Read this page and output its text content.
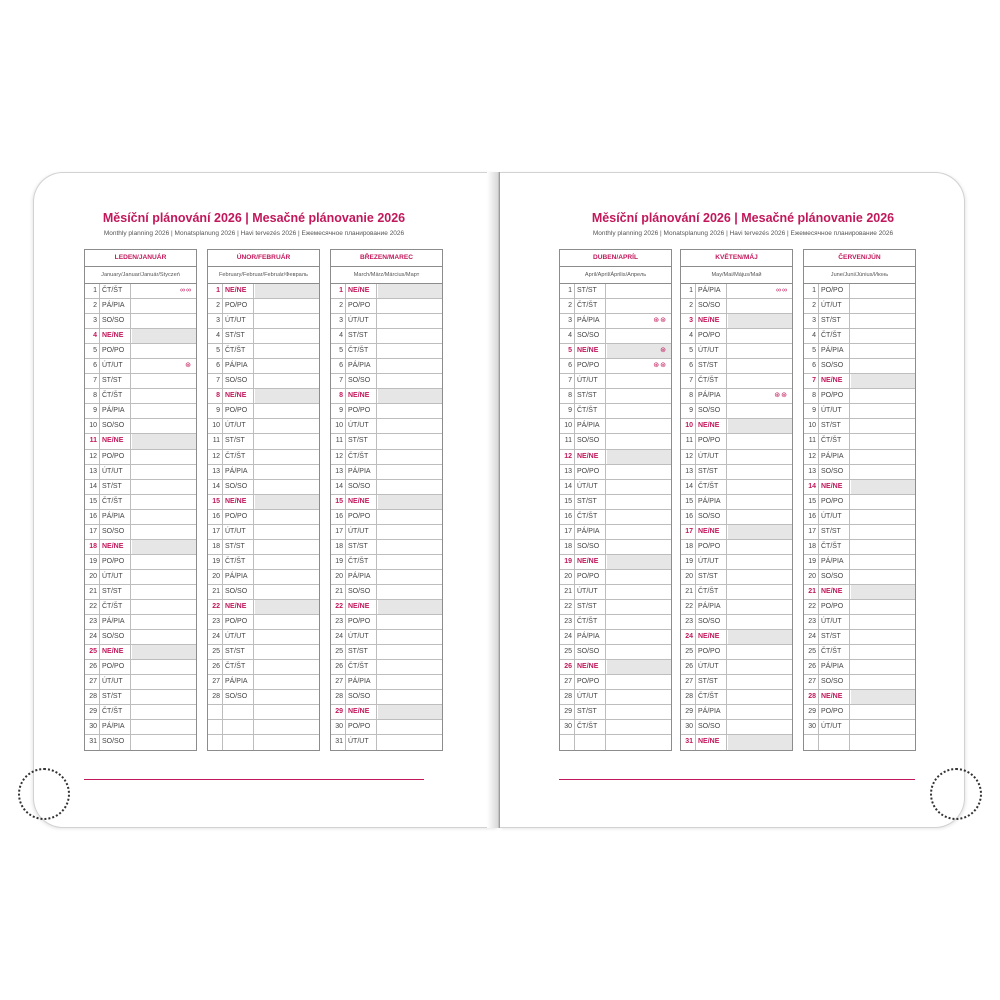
Měsíční plánování 2026 | Mesačné plánovanie 2026
Monthly planning 2026 | Monatsplanung 2026 | Havi tervezés 2026 | Ежемесячное планирование 2026
LEDEN/JANUÁR
January/Januar/Január/Styczeń
1 ČT/ŠT	∞∞
2 PÁ/PIA
3 SO/SO
4 NE/NE
5 PO/PO
6 ÚT/UT	⊛
7 ST/ST
8 ČT/ŠT
9 PÁ/PIA
10 SO/SO
11 NE/NE
12 PO/PO
13 ÚT/UT
14 ST/ST
15 ČT/ŠT
16 PÁ/PIA
17 SO/SO
18 NE/NE
19 PO/PO
20 ÚT/UT
21 ST/ST
22 ČT/ŠT
23 PÁ/PIA
24 SO/SO
25 NE/NE
26 PO/PO
27 ÚT/UT
28 ST/ST
29 ČT/ŠT
30 PÁ/PIA
31 SO/SO
ÚNOR/FEBRUÁR
February/Februar/Február/Февраль
1 NE/NE
2 PO/PO
3 ÚT/UT
4 ST/ST
5 ČT/ŠT
6 PÁ/PIA
7 SO/SO
8 NE/NE
9 PO/PO
10 ÚT/UT
11 ST/ST
12 ČT/ŠT
13 PÁ/PIA
14 SO/SO
15 NE/NE
16 PO/PO
17 ÚT/UT
18 ST/ST
19 ČT/ŠT
20 PÁ/PIA
21 SO/SO
22 NE/NE
23 PO/PO
24 ÚT/UT
25 ST/ST
26 ČT/ŠT
27 PÁ/PIA
28 SO/SO
BŘEZEN/MAREC
March/März/Március/Март
1 NE/NE
2 PO/PO
3 ÚT/UT
4 ST/ST
5 ČT/ŠT
6 PÁ/PIA
7 SO/SO
8 NE/NE
9 PO/PO
10 ÚT/UT
11 ST/ST
12 ČT/ŠT
13 PÁ/PIA
14 SO/SO
15 NE/NE
16 PO/PO
17 ÚT/UT
18 ST/ST
19 ČT/ŠT
20 PÁ/PIA
21 SO/SO
22 NE/NE
23 PO/PO
24 ÚT/UT
25 ST/ST
26 ČT/ŠT
27 PÁ/PIA
28 SO/SO
29 NE/NE
30 PO/PO
31 ÚT/UT
Měsíční plánování 2026 | Mesačné plánovanie 2026
Monthly planning 2026 | Monatsplanung 2026 | Havi tervezés 2026 | Ежемесячное планирование 2026
DUBEN/APRÍL
April/April/Április/Апрель
1 ST/ST
2 ČT/ŠT
3 PÁ/PIA	⊛⊛
4 SO/SO
5 NE/NE	⊛
6 PO/PO	⊛⊛
7 ÚT/UT
8 ST/ST
9 ČT/ŠT
10 PÁ/PIA
11 SO/SO
12 NE/NE
13 PO/PO
14 ÚT/UT
15 ST/ST
16 ČT/ŠT
17 PÁ/PIA
18 SO/SO
19 NE/NE
20 PO/PO
21 ÚT/UT
22 ST/ST
23 ČT/ŠT
24 PÁ/PIA
25 SO/SO
26 NE/NE
27 PO/PO
28 ÚT/UT
29 ST/ST
30 ČT/ŠT
KVĚTEN/MÁJ
May/Mai/Május/Май
1 PÁ/PIA	∞∞
2 SO/SO
3 NE/NE
4 PO/PO
5 ÚT/UT
6 ST/ST
7 ČT/ŠT
8 PÁ/PIA	⊛⊛
9 SO/SO
10 NE/NE
11 PO/PO
12 ÚT/UT
13 ST/ST
14 ČT/ŠT
15 PÁ/PIA
16 SO/SO
17 NE/NE
18 PO/PO
19 ÚT/UT
20 ST/ST
21 ČT/ŠT
22 PÁ/PIA
23 SO/SO
24 NE/NE
25 PO/PO
26 ÚT/UT
27 ST/ST
28 ČT/ŠT
29 PÁ/PIA
30 SO/SO
31 NE/NE
ČERVEN/JÚN
June/Juni/Június/Июнь
1 PO/PO
2 ÚT/UT
3 ST/ST
4 ČT/ŠT
5 PÁ/PIA
6 SO/SO
7 NE/NE
8 PO/PO
9 ÚT/UT
10 ST/ST
11 ČT/ŠT
12 PÁ/PIA
13 SO/SO
14 NE/NE
15 PO/PO
16 ÚT/UT
17 ST/ST
18 ČT/ŠT
19 PÁ/PIA
20 SO/SO
21 NE/NE
22 PO/PO
23 ÚT/UT
24 ST/ST
25 ČT/ŠT
26 PÁ/PIA
27 SO/SO
28 NE/NE
29 PO/PO
30 ÚT/UT
